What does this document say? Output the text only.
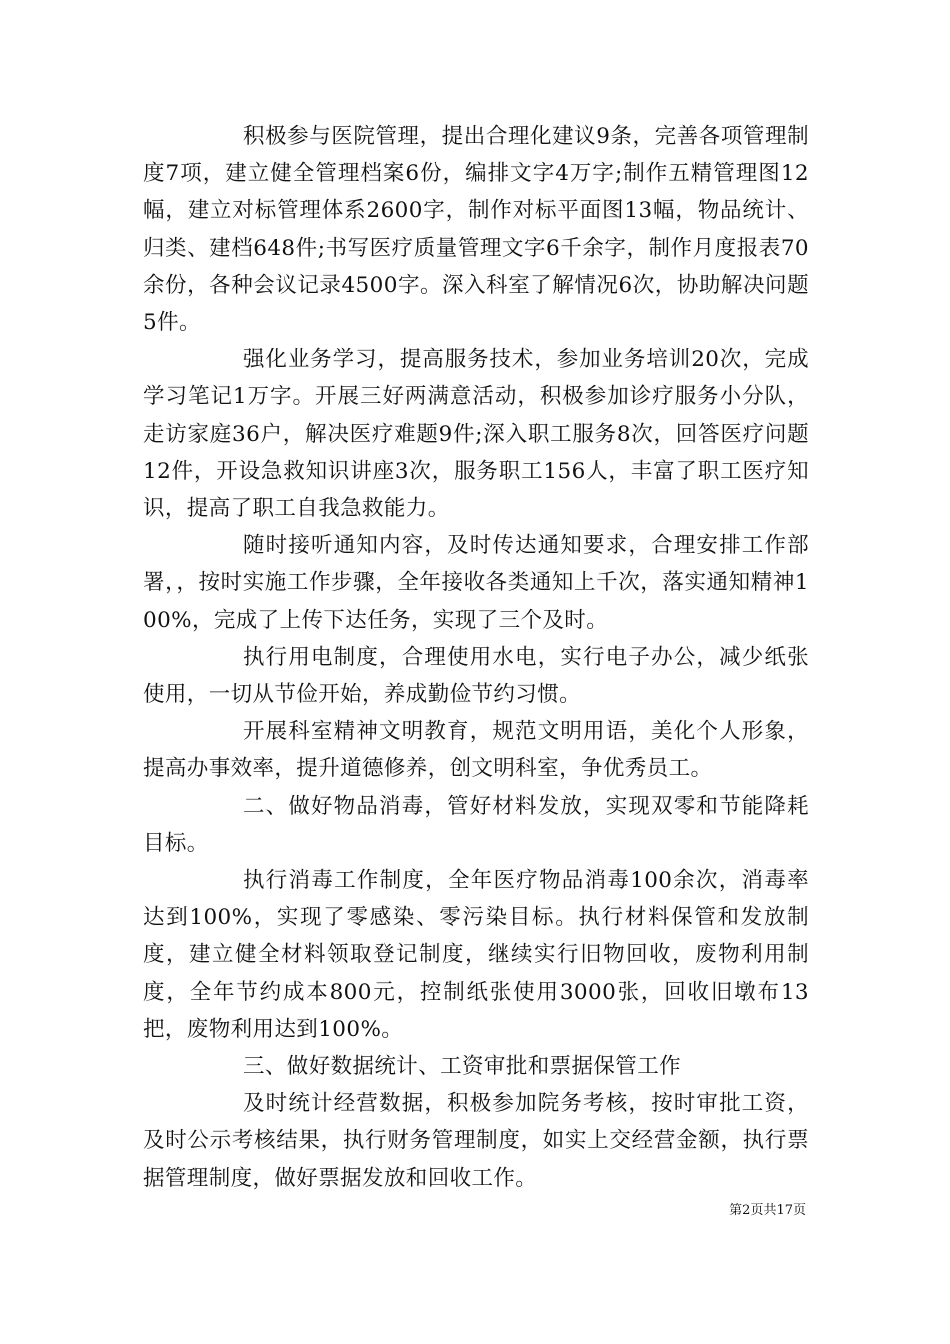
积极参与医院管理，提出合理化建议9条，完善各项管理制度7项，建立健全管理档案6份，编排文字4万字;制作五精管理图12幅，建立对标管理体系2600字，制作对标平面图13幅，物品统计、归类、建档648件;书写医疗质量管理文字6千余字，制作月度报表70余份，各种会议记录4500字。深入科室了解情况6次，协助解决问题5件。

强化业务学习，提高服务技术，参加业务培训20次，完成学习笔记1万字。开展三好两满意活动，积极参加诊疗服务小分队，走访家庭36户，解决医疗难题9件;深入职工服务8次，回答医疗问题12件，开设急救知识讲座3次，服务职工156人，丰富了职工医疗知识，提高了职工自我急救能力。

随时接听通知内容，及时传达通知要求，合理安排工作部署，，按时实施工作步骤，全年接收各类通知上千次，落实通知精神100%，完成了上传下达任务，实现了三个及时。

执行用电制度，合理使用水电，实行电子办公，减少纸张使用，一切从节俭开始，养成勤俭节约习惯。

开展科室精神文明教育，规范文明用语，美化个人形象，提高办事效率，提升道德修养，创文明科室，争优秀员工。

二、做好物品消毒，管好材料发放，实现双零和节能降耗目标。

执行消毒工作制度，全年医疗物品消毒100余次，消毒率达到100%，实现了零感染、零污染目标。执行材料保管和发放制度，建立健全材料领取登记制度，继续实行旧物回收，废物利用制度，全年节约成本800元，控制纸张使用3000张，回收旧墩布13把，废物利用达到100%。

三、做好数据统计、工资审批和票据保管工作

及时统计经营数据，积极参加院务考核，按时审批工资，及时公示考核结果，执行财务管理制度，如实上交经营金额，执行票据管理制度，做好票据发放和回收工作。

第2页共17页
